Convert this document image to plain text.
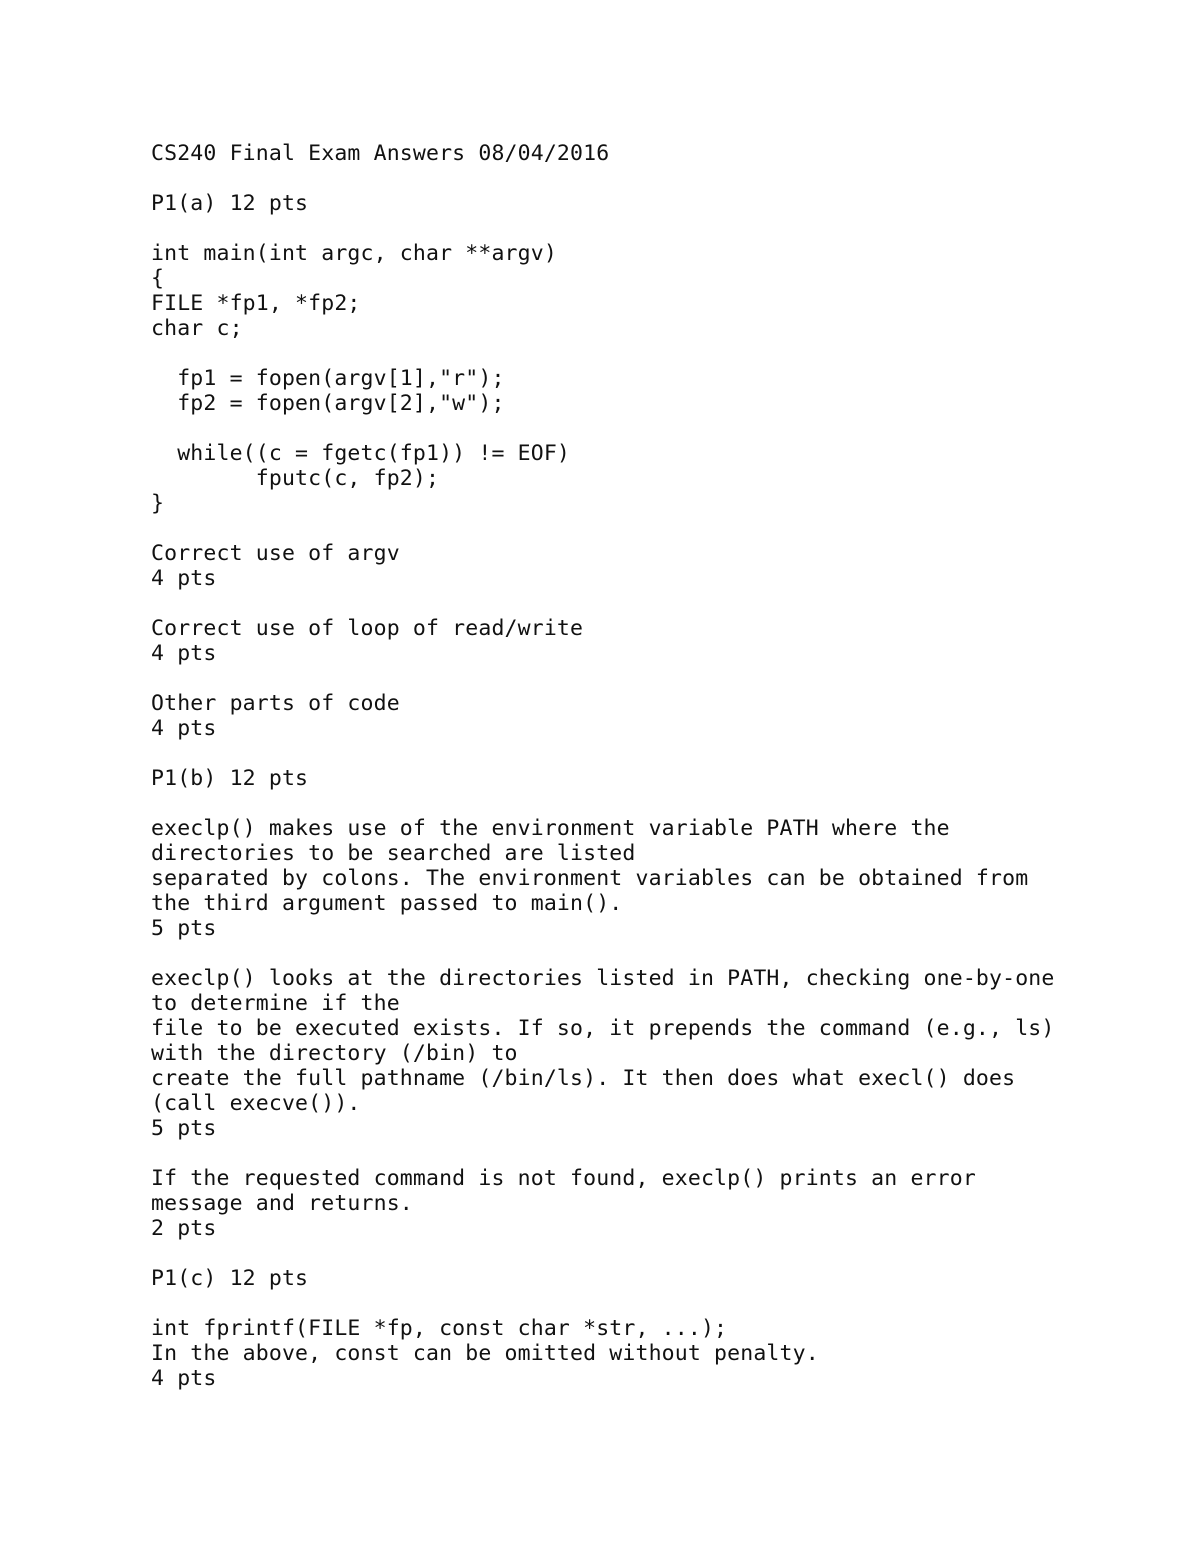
CS240 Final Exam Answers 08/04/2016
P1(a) 12 pts
int main(int argc, char **argv)
{
FILE *fp1, *fp2;
char c;
fp1 = fopen(argv[1],"r");
fp2 = fopen(argv[2],"w");
while((c = fgetc(fp1)) != EOF)
fputc(c, fp2);
}
Correct use of argv
4 pts
Correct use of loop of read/write
4 pts
Other parts of code
4 pts
P1(b) 12 pts
execlp() makes use of the environment variable PATH where the
directories to be searched are listed
separated by colons. The environment variables can be obtained from
the third argument passed to main().
5 pts
execlp() looks at the directories listed in PATH, checking one-by-one
to determine if the
file to be executed exists. If so, it prepends the command (e.g., ls)
with the directory (/bin) to
create the full pathname (/bin/ls). It then does what execl() does
(call execve()).
5 pts
If the requested command is not found, execlp() prints an error
message and returns.
2 pts
P1(c) 12 pts
int fprintf(FILE *fp, const char *str, ...);
In the above, const can be omitted without penalty.
4 pts
